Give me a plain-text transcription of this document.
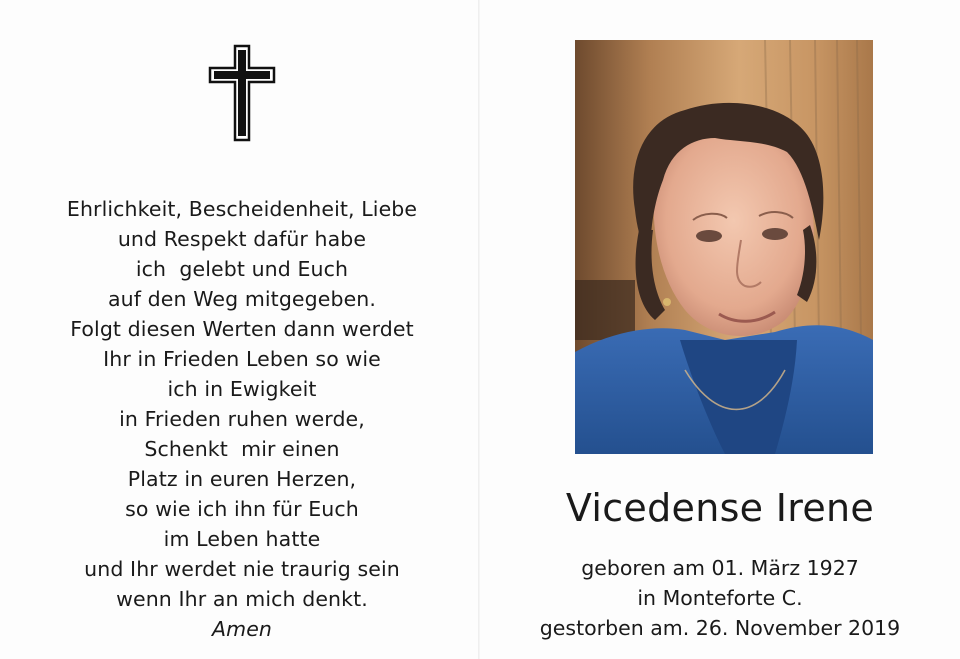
Ehrlichkeit, Bescheidenheit, Liebe
und Respekt dafür habe
ich  gelebt und Euch
auf den Weg mitgegeben.
Folgt diesen Werten dann werdet
Ihr in Frieden Leben so wie
ich in Ewigkeit
in Frieden ruhen werde,
Schenkt  mir einen
Platz in euren Herzen,
so wie ich ihn für Euch
im Leben hatte
und Ihr werdet nie traurig sein
wenn Ihr an mich denkt.
Amen
Vicedense Irene
geboren am 01. März 1927
in Monteforte C.
gestorben am. 26. November 2019
